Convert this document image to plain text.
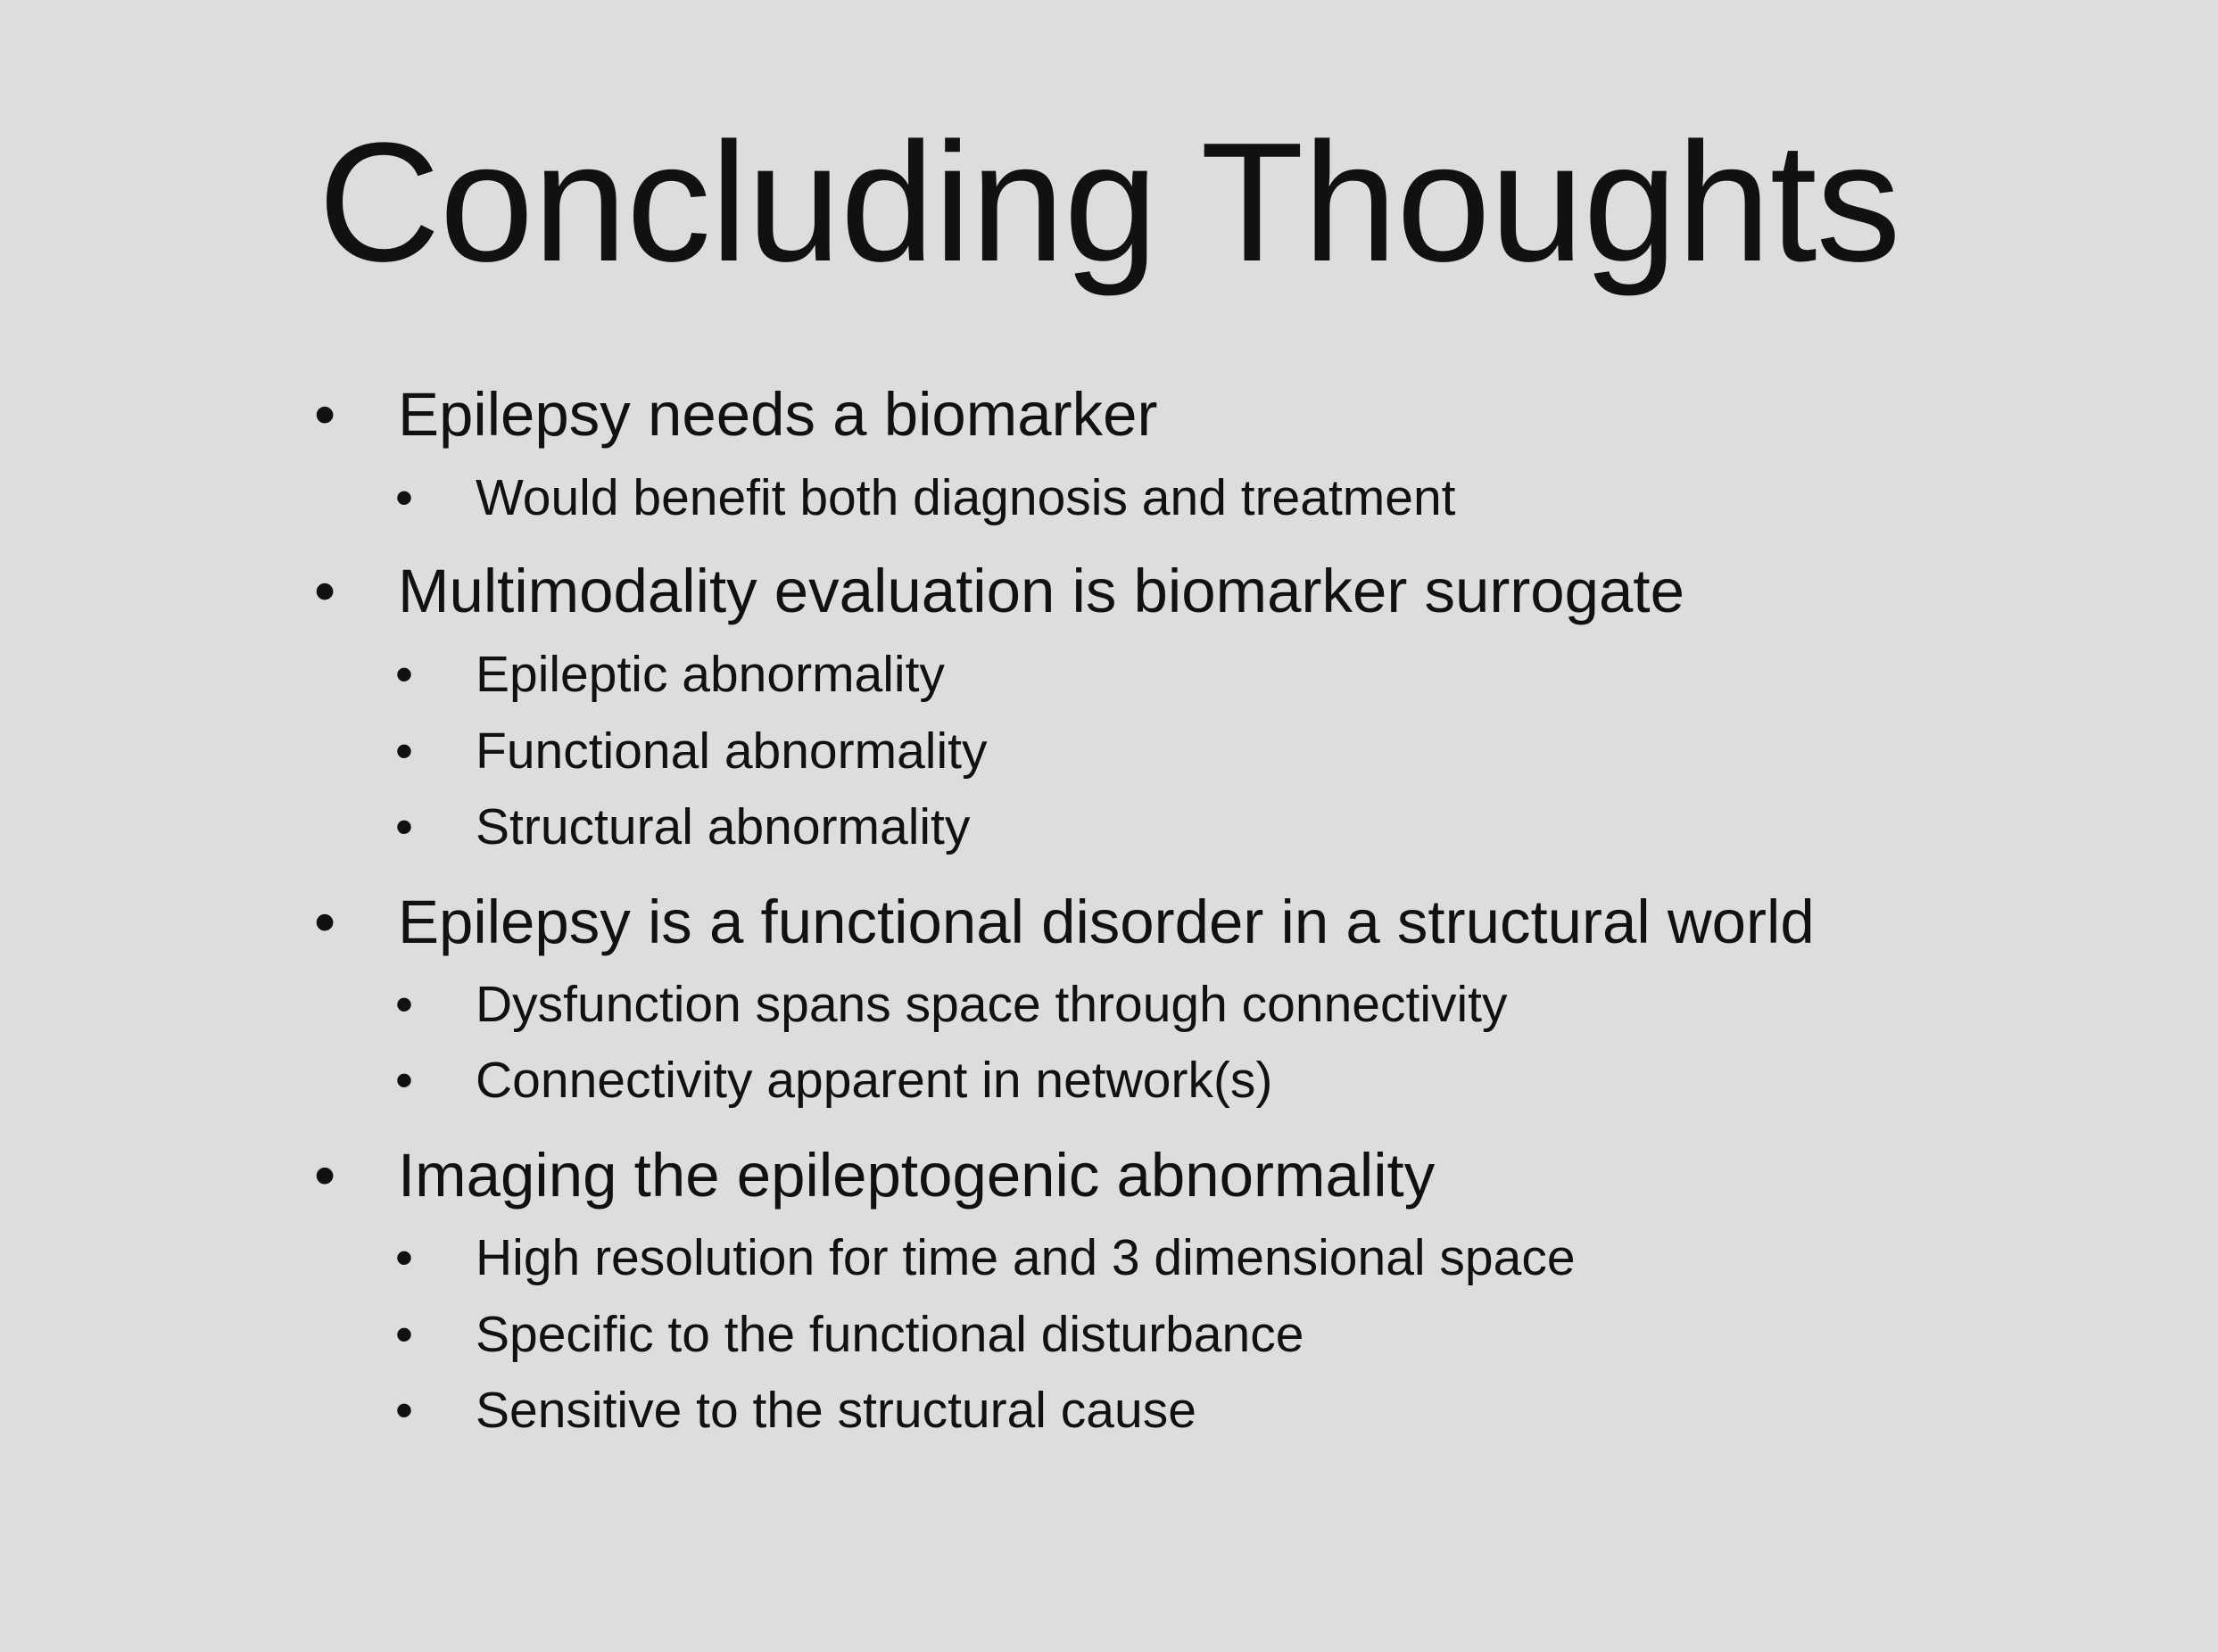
Concluding Thoughts
• Epilepsy needs a biomarker
• Would benefit both diagnosis and treatment
• Multimodality evaluation is biomarker surrogate
• Epileptic abnormality
• Functional abnormality
• Structural abnormality
• Epilepsy is a functional disorder in a structural world
• Dysfunction spans space through connectivity
• Connectivity apparent in network(s)
• Imaging the epileptogenic abnormality
• High resolution for time and 3 dimensional space
• Specific to the functional disturbance
• Sensitive to the structural cause
